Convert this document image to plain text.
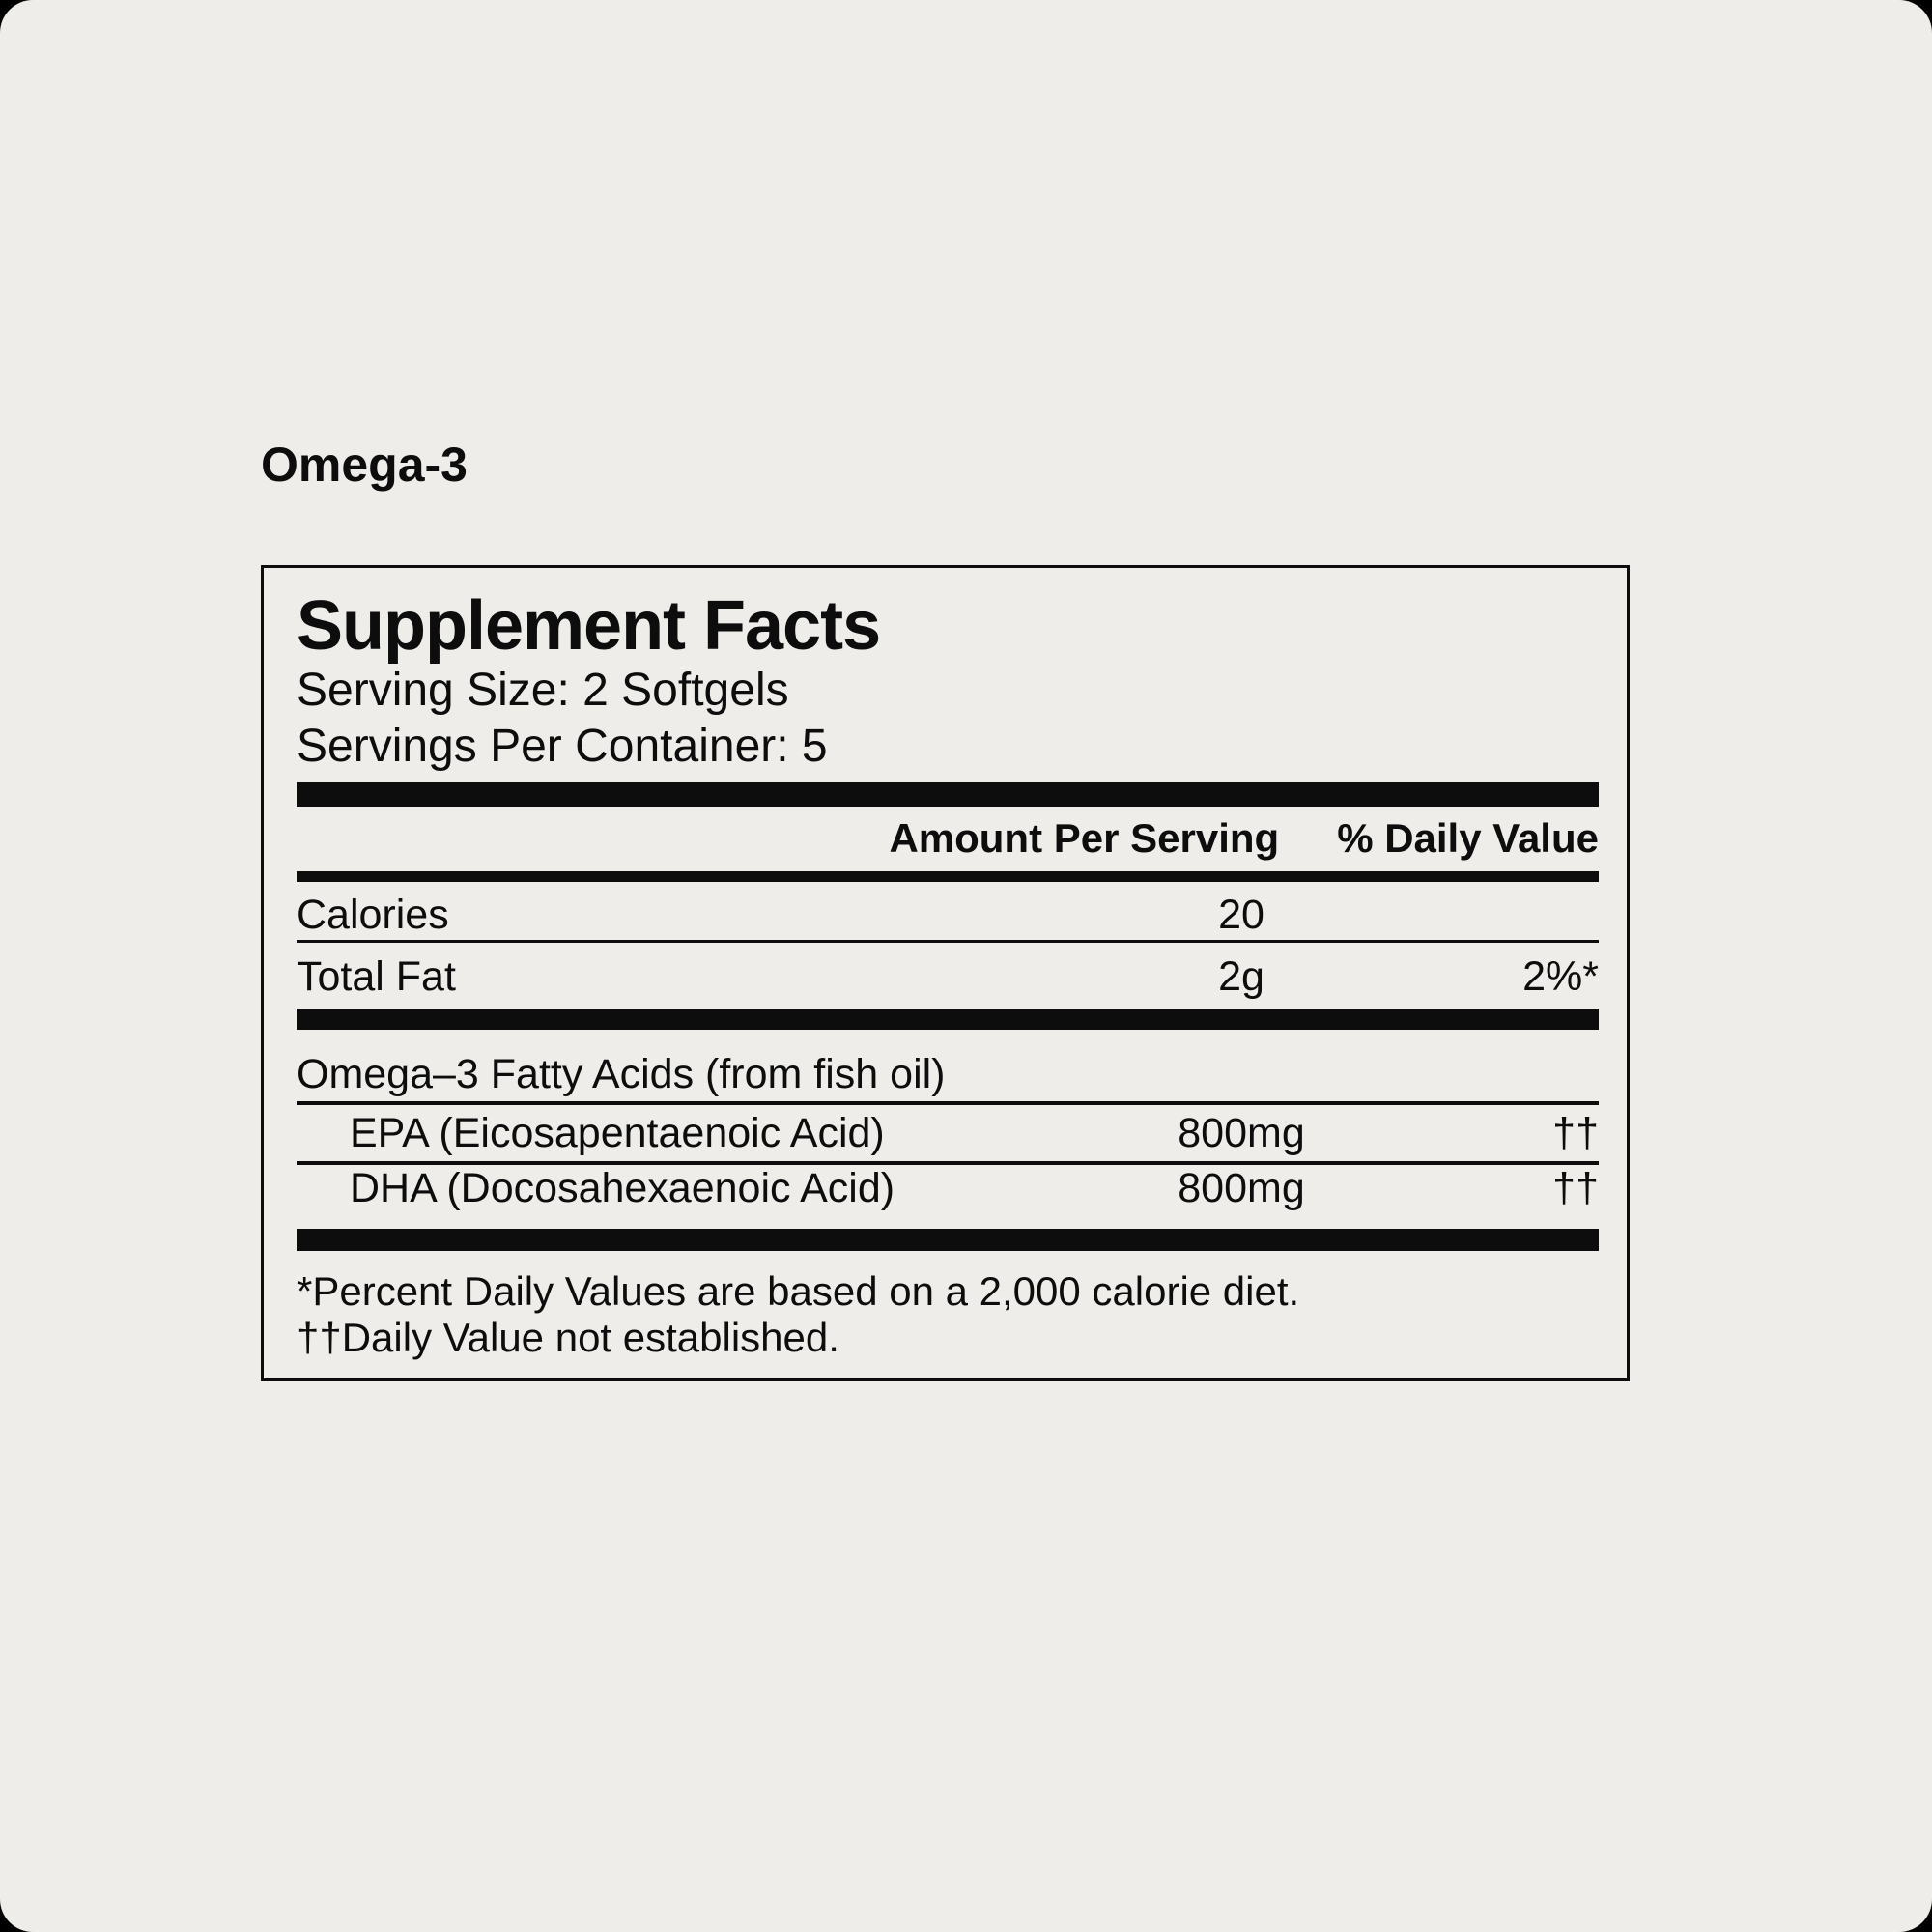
Omega-3
Supplement Facts
Serving Size: 2 Softgels
Servings Per Container: 5
Amount Per Serving % Daily Value
Calories	20
Total Fat	2g	2%*
Omega–3 Fatty Acids (from fish oil)
EPA (Eicosapentaenoic Acid)	800mg	††
DHA (Docosahexaenoic Acid)	800mg	††
*Percent Daily Values are based on a 2,000 calorie diet.
††Daily Value not established.
